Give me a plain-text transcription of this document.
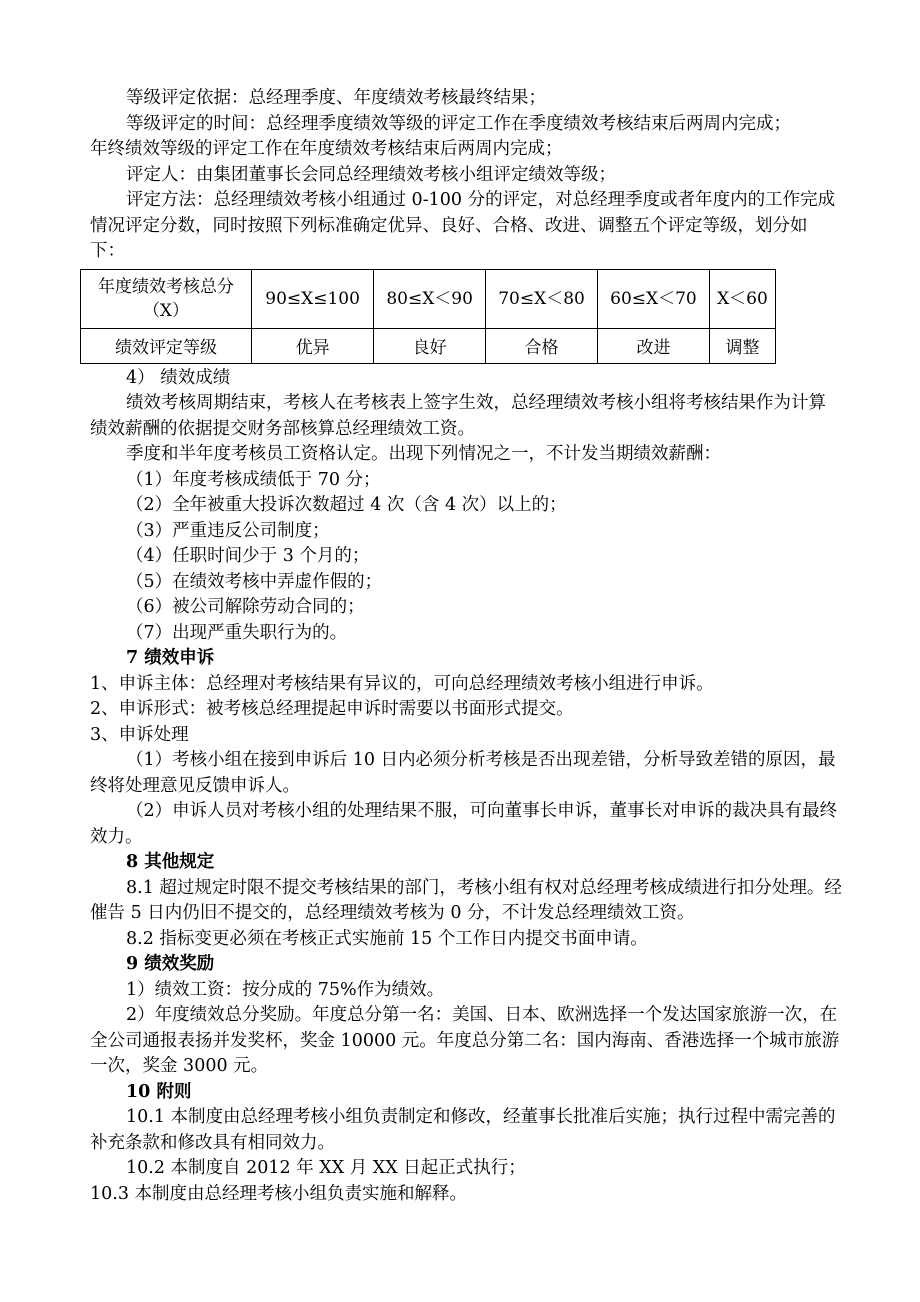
等级评定依据：总经理季度、年度绩效考核最终结果；

等级评定的时间：总经理季度绩效等级的评定工作在季度绩效考核结束后两周内完成；

年终绩效等级的评定工作在年度绩效考核结束后两周内完成；

评定人：由集团董事长会同总经理绩效考核小组评定绩效等级；

评定方法：总经理绩效考核小组通过 0-100 分的评定，对总经理季度或者年度内的工作完成情况评定分数，同时按照下列标准确定优异、良好、合格、改进、调整五个评定等级，划分如下：

年度绩效考核总分（X）	90≤X≤100	80≤X＜90	70≤X＜80	60≤X＜70	X＜60
绩效评定等级	优异	良好	合格	改进	调整

4） 绩效成绩

绩效考核周期结束，考核人在考核表上签字生效，总经理绩效考核小组将考核结果作为计算绩效薪酬的依据提交财务部核算总经理绩效工资。

季度和半年度考核员工资格认定。出现下列情况之一，不计发当期绩效薪酬：

（1）年度考核成绩低于 70 分；

（2）全年被重大投诉次数超过 4 次（含 4 次）以上的；

（3）严重违反公司制度；

（4）任职时间少于 3 个月的；

（5）在绩效考核中弄虚作假的；

（6）被公司解除劳动合同的；

（7）出现严重失职行为的。

7 绩效申诉

1、申诉主体：总经理对考核结果有异议的，可向总经理绩效考核小组进行申诉。

2、申诉形式：被考核总经理提起申诉时需要以书面形式提交。

3、申诉处理

（1）考核小组在接到申诉后 10 日内必须分析考核是否出现差错，分析导致差错的原因，最终将处理意见反馈申诉人。

（2）申诉人员对考核小组的处理结果不服，可向董事长申诉，董事长对申诉的裁决具有最终效力。

8 其他规定

8.1 超过规定时限不提交考核结果的部门，考核小组有权对总经理考核成绩进行扣分处理。经催告 5 日内仍旧不提交的，总经理绩效考核为 0 分，不计发总经理绩效工资。

8.2 指标变更必须在考核正式实施前 15 个工作日内提交书面申请。

9 绩效奖励

1）绩效工资：按分成的 75%作为绩效。

2）年度绩效总分奖励。年度总分第一名：美国、日本、欧洲选择一个发达国家旅游一次，在全公司通报表扬并发奖杯，奖金 10000 元。年度总分第二名：国内海南、香港选择一个城市旅游一次，奖金 3000 元。

10 附则

10.1 本制度由总经理考核小组负责制定和修改，经董事长批准后实施；执行过程中需完善的补充条款和修改具有相同效力。

10.2 本制度自 2012 年 XX 月 XX 日起正式执行；

10.3 本制度由总经理考核小组负责实施和解释。
